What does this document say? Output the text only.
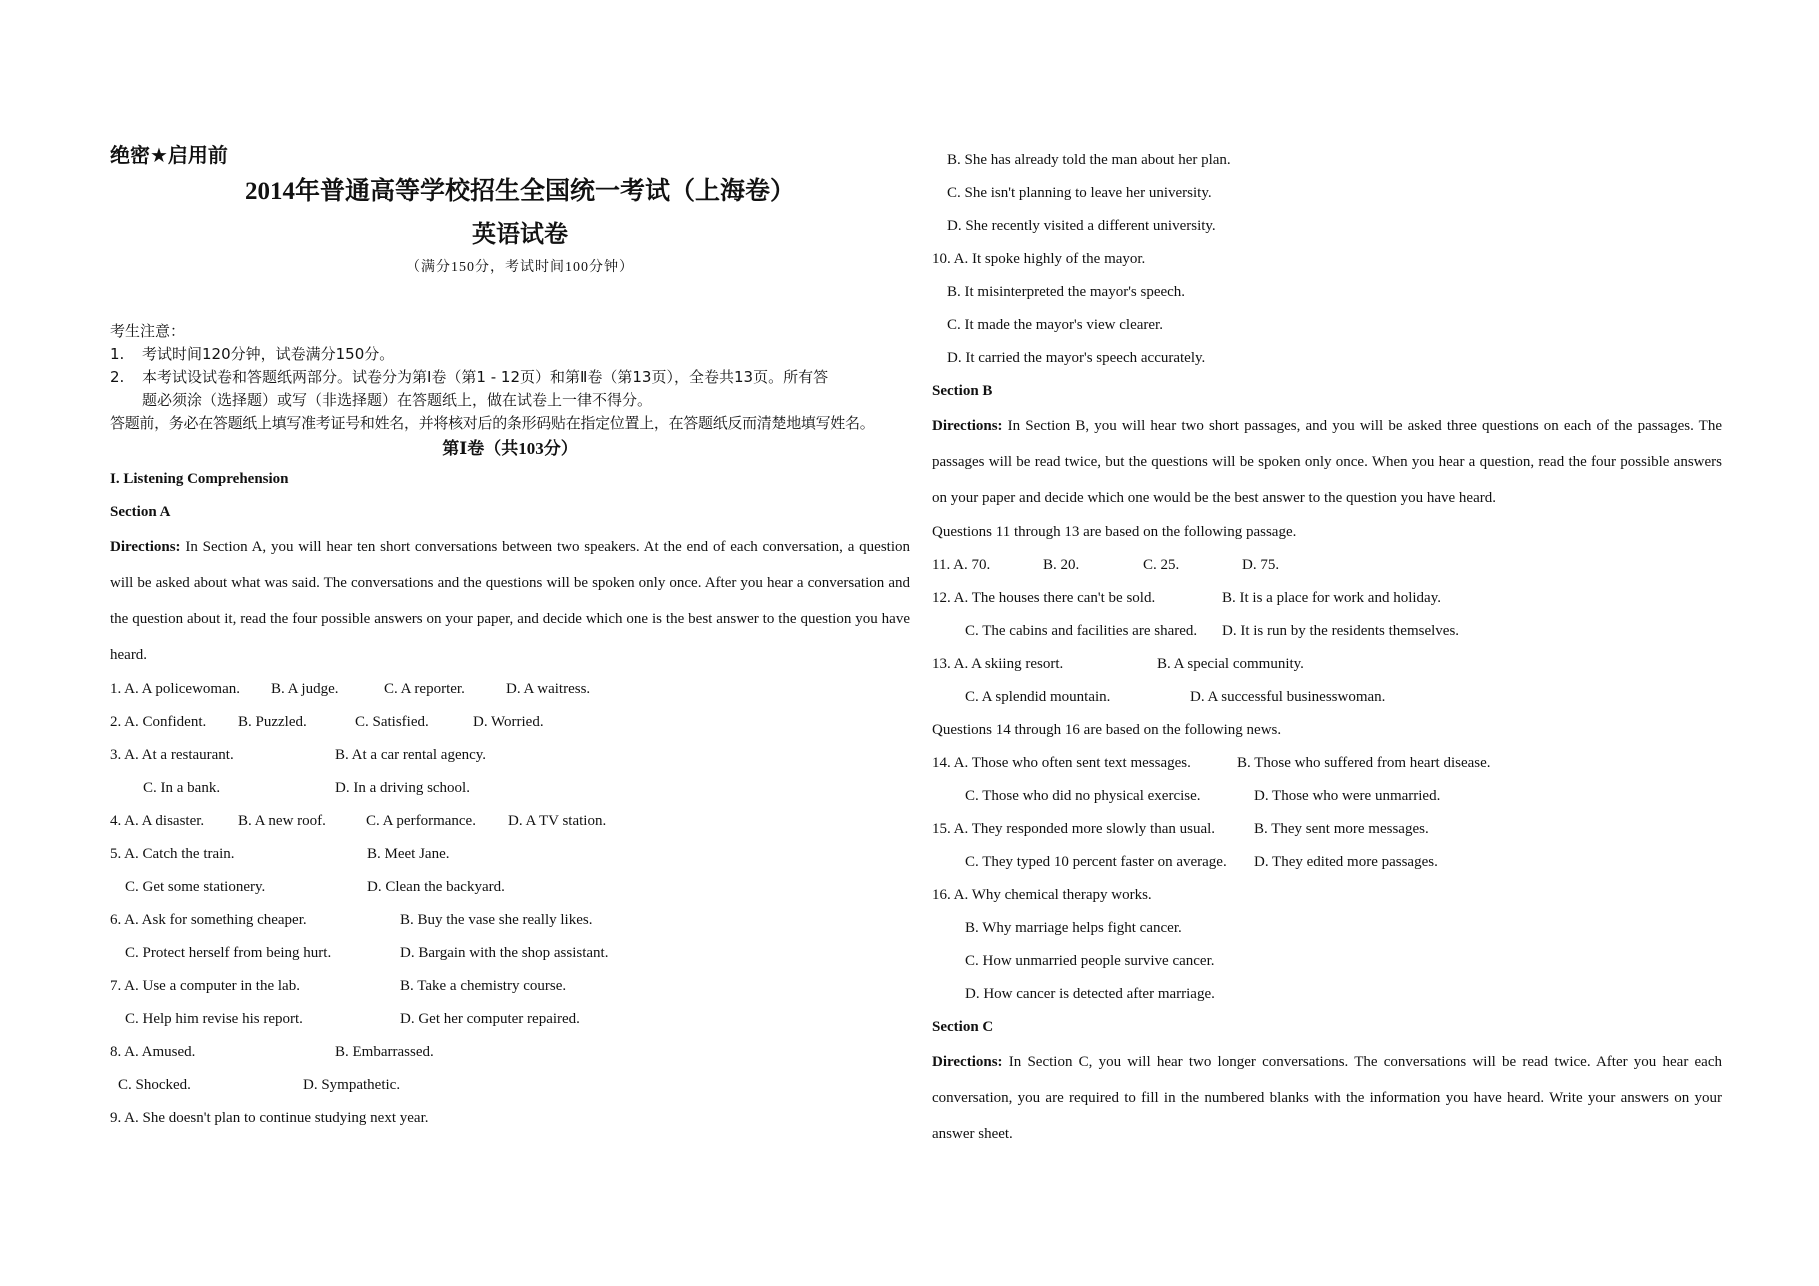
绝密★启用前
2014年普通高等学校招生全国统一考试（上海卷）
英语试卷
（满分150分，考试时间100分钟）
考生注意：
1.	考试时间120分钟，试卷满分150分。
2.	本考试设试卷和答题纸两部分。试卷分为第Ⅰ卷（第1 - 12页）和第Ⅱ卷（第13页），全卷共13页。所有答
题必须涂（选择题）或写（非选择题）在答题纸上，做在试卷上一律不得分。
答题前，务必在答题纸上填写准考证号和姓名，并将核对后的条形码贴在指定位置上，在答题纸反而清楚地填写姓名。
第Ⅰ卷（共103分）
I. Listening Comprehension
Section A
Directions: In Section A, you will hear ten short conversations between two speakers. At the end of each conversation, a question will be asked about what was said. The conversations and the questions will be spoken only once. After you hear a conversation and the question about it, read the four possible answers on your paper, and decide which one is the best answer to the question you have heard.
1. A. A policewoman. B. A judge.	C. A reporter.	D. A waitress.
2. A. Confident. B. Puzzled.	C. Satisfied.	D. Worried.
3. A. At a restaurant.	B. At a car rental agency.
C. In a bank.	D. In a driving school.
4. A. A disaster. B. A new roof.	C. A performance. D. A TV station.
5. A. Catch the train.	B. Meet Jane.
C. Get some stationery.	D. Clean the backyard.
6. A. Ask for something cheaper.	B. Buy the vase she really likes.
C. Protect herself from being hurt.	D. Bargain with the shop assistant.
7. A. Use a computer in the lab.	B. Take a chemistry course.
C. Help him revise his report.	D. Get her computer repaired.
8. A. Amused.	B. Embarrassed.
C. Shocked.	D. Sympathetic.
9. A. She doesn't plan to continue studying next year.
B. She has already told the man about her plan.
C. She isn't planning to leave her university.
D. She recently visited a different university.
10. A. It spoke highly of the mayor.
B. It misinterpreted the mayor's speech.
C. It made the mayor's view clearer.
D. It carried the mayor's speech accurately.
Section B
Directions: In Section B, you will hear two short passages, and you will be asked three questions on each of the passages. The passages will be read twice, but the questions will be spoken only once. When you hear a question, read the four possible answers on your paper and decide which one would be the best answer to the question you have heard.
Questions 11 through 13 are based on the following passage.
11. A. 70.	B. 20.	C. 25.	D. 75.
12. A. The houses there can't be sold.	B. It is a place for work and holiday.
C. The cabins and facilities are shared. D. It is run by the residents themselves.
13. A. A skiing resort.	B. A special community.
C. A splendid mountain.	D. A successful businesswoman.
Questions 14 through 16 are based on the following news.
14. A. Those who often sent text messages.	B. Those who suffered from heart disease.
C. Those who did no physical exercise.	D. Those who were unmarried.
15. A. They responded more slowly than usual.	B. They sent more messages.
C. They typed 10 percent faster on average. D. They edited more passages.
16. A. Why chemical therapy works.
B. Why marriage helps fight cancer.
C. How unmarried people survive cancer.
D. How cancer is detected after marriage.
Section C
Directions: In Section C, you will hear two longer conversations. The conversations will be read twice. After you hear each conversation, you are required to fill in the numbered blanks with the information you have heard. Write your answers on your answer sheet.
